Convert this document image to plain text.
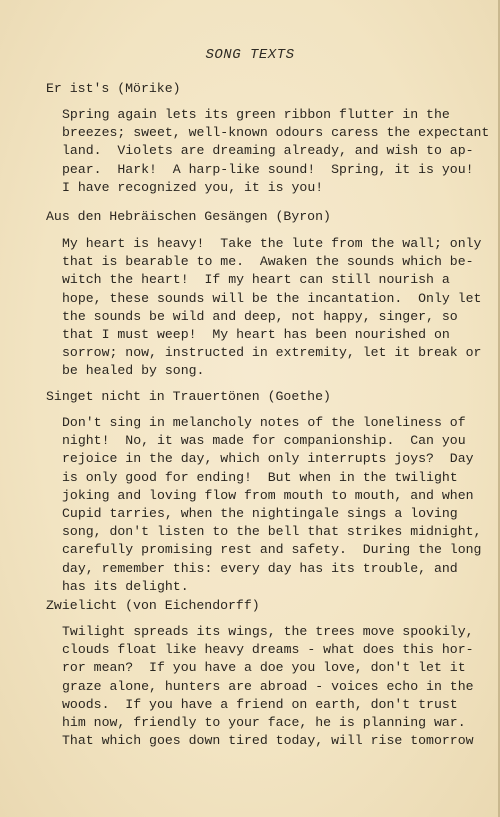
SONG TEXTS
Er ist's (Mörike)
Spring again lets its green ribbon flutter in the
breezes; sweet, well-known odours caress the expectant
land.  Violets are dreaming already, and wish to ap-
pear.  Hark!  A harp-like sound!  Spring, it is you!
I have recognized you, it is you!
Aus den Hebräischen Gesängen (Byron)
My heart is heavy!  Take the lute from the wall; only
that is bearable to me.  Awaken the sounds which be-
witch the heart!  If my heart can still nourish a
hope, these sounds will be the incantation.  Only let
the sounds be wild and deep, not happy, singer, so
that I must weep!  My heart has been nourished on
sorrow; now, instructed in extremity, let it break or
be healed by song.
Singet nicht in Trauertönen (Goethe)
Don't sing in melancholy notes of the loneliness of
night!  No, it was made for companionship.  Can you
rejoice in the day, which only interrupts joys?  Day
is only good for ending!  But when in the twilight
joking and loving flow from mouth to mouth, and when
Cupid tarries, when the nightingale sings a loving
song, don't listen to the bell that strikes midnight,
carefully promising rest and safety.  During the long
day, remember this: every day has its trouble, and
has its delight.
Zwielicht (von Eichendorff)
Twilight spreads its wings, the trees move spookily,
clouds float like heavy dreams - what does this hor-
ror mean?  If you have a doe you love, don't let it
graze alone, hunters are abroad - voices echo in the
woods.  If you have a friend on earth, don't trust
him now, friendly to your face, he is planning war.
That which goes down tired today, will rise tomorrow
